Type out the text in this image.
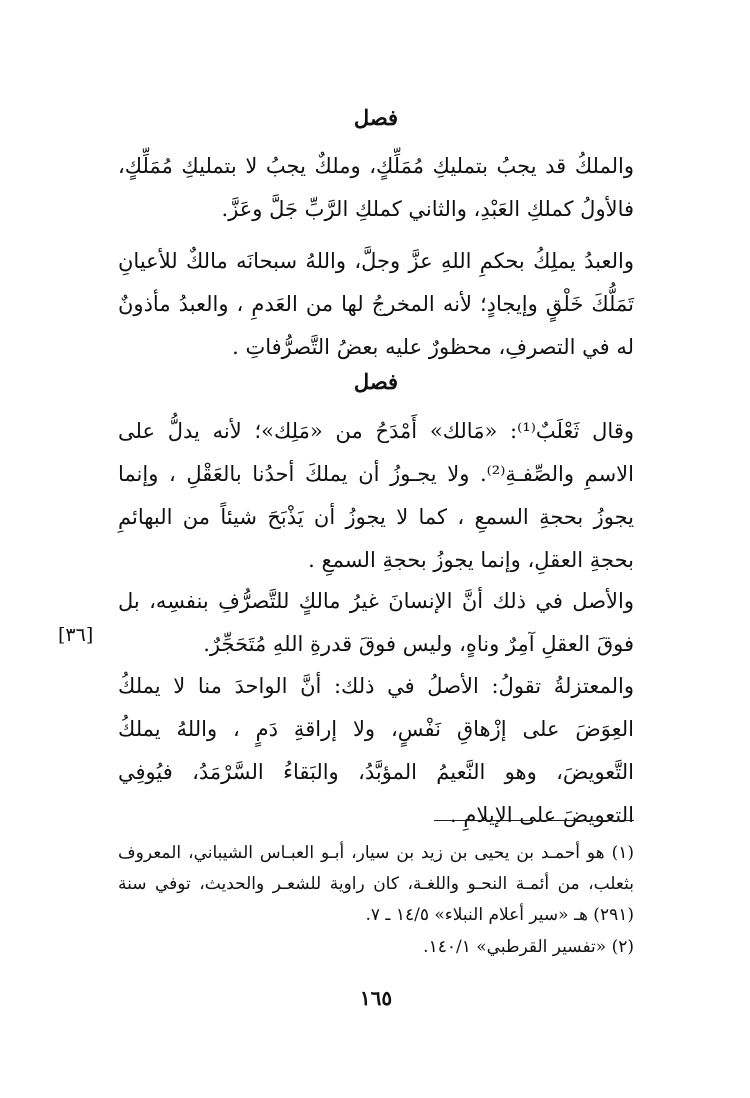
فصل
والملكُ قد يجبُ بتمليكِ مُمَلِّكٍ، وملكٌ يجبُ لا بتمليكِ مُمَلِّكٍ، فالأولُ كملكِ العَبْدِ، والثاني كملكِ الرَّبِّ جَلَّ وعَزَّ.
والعبدُ يملِكُ بحكمِ اللهِ عزَّ وجلَّ، واللهُ سبحانَه مالكٌ للأعيانِ تَمَلُّكَ خَلْقٍ وإيجادٍ؛ لأنه المخرجُ لها من العَدمِ ، والعبدُ مأذونٌ له في التصرفِ، محظورٌ عليه بعضُ التَّصرُّفاتِ .
فصل
وقال ثَعْلَبٌ⁽¹⁾: «مَالك» أَمْدَحُ من «مَلِك»؛ لأنه يدلُّ على الاسمِ والصِّفـةِ⁽²⁾. ولا يجـوزُ أن يملكَ أحدُنا بالعَقْلِ ، وإنما يجوزُ بحجةِ السمعِ ، كما لا يجوزُ أن يَذْبَحَ شيئاً من البهائمِ بحجةِ العقلِ، وإنما يجوزُ بحجةِ السمعِ .
والأصل في ذلك أنَّ الإنسانَ غيرُ مالكٍ للتَّصرُّفِ بنفسِه، بل فوقَ العقلِ آمِرٌ وناهٍ، وليس فوقَ قدرةِ اللهِ مُتَحَجِّرٌ.
[٣٦]
والمعتزلةُ تقولُ: الأصلُ في ذلك: أنَّ الواحدَ منا لا يملكُ العِوَضَ على إزْهاقِ نَفْسٍ، ولا إراقةِ دَمٍ ، واللهُ يملكُ التَّعويضَ، وهو النَّعيمُ المؤبَّدُ، والبَقاءُ السَّرْمَدُ، فيُوفِي التعويضَ على الإيلامِ .
(١) هو أحمـد بن يحيى بن زيد بن سيار، أبـو العبـاس الشيباني، المعروف بثعلب، من أئمـة النحـو واللغـة، كان راوية للشعـر والحديث، توفي سنة (٢٩١) هـ «سير أعلام النبلاء» ١٤/٥ ـ ٧.
(٢) «تفسير القرطبي» ١٤٠/١.
١٦٥
